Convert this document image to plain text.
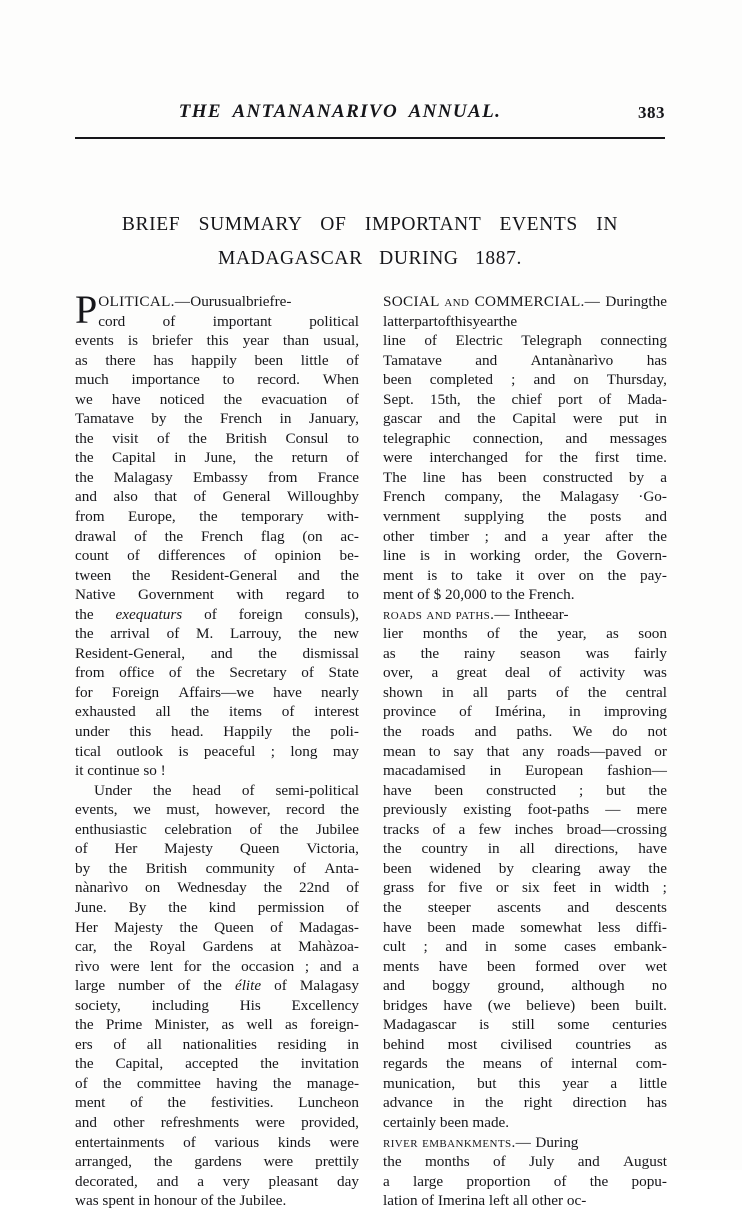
THE ANTANANARIVO ANNUAL.	383
BRIEF SUMMARY OF IMPORTANT EVENTS IN
MADAGASCAR DURING 1887.
P OLITICAL.—Ourusualbriefre-
cord of important political
events is briefer this year than usual,
as there has happily been little of
much importance to record. When
we have noticed the evacuation of
Tamatave by the French in January,
the visit of the British Consul to
the Capital in June, the return of
the Malagasy Embassy from France
and also that of General Willoughby
from Europe, the temporary with-
drawal of the French flag (on ac-
count of differences of opinion be-
tween the Resident-General and the
Native Government with regard to
the exequaturs of foreign consuls),
the arrival of M. Larrouy, the new
Resident-General, and the dismissal
from office of the Secretary of State
for Foreign Affairs—we have nearly
exhausted all the items of interest
under this head. Happily the poli-
tical outlook is peaceful ; long may
it continue so !
Under	the	head	of	semi-political
events, we must, however, record the
enthusiastic celebration of the Jubilee
of Her Majesty Queen Victoria,
by the British community of Anta-
nànarìvo on Wednesday the 22nd of
June. By the kind permission of
Her Majesty the Queen of Madagas-
car, the Royal Gardens at Mahàzoa-
rìvo were lent for the occasion ; and a
large number of the élite of Malagasy
society, including His Excellency
the Prime Minister, as well as foreign-
ers of all nationalities residing in
the Capital, accepted the invitation
of the committee having the manage-
ment of the festivities. Luncheon
and other refreshments were provided,
entertainments of various kinds were
arranged, the gardens were prettily
decorated, and a very pleasant day
was spent in honour of the Jubilee.
SOCIAL and COMMERCIAL.— Duringthelatterpartofthisyearthe
line of Electric Telegraph connecting
Tamatave and Antanànarìvo has
been completed ; and on Thursday,
Sept. 15th, the chief port of Mada-
gascar and the Capital were put in
telegraphic connection, and messages
were interchanged for the first time.
The line has been constructed by a
French company, the Malagasy ·Go-
vernment supplying the posts and
other timber ; and a year after the
line is in working order, the Govern-
ment is to take it over on the pay-
ment of $ 20,000 to the French.
roads and paths.— Intheear-
lier months of the year, as soon
as the rainy season was fairly
over, a great deal of activity was
shown in all parts of the central
province of Imérina, in improving
the roads and paths. We do not
mean to say that any roads—paved or
macadamised in European fashion—
have been constructed ; but the
previously existing foot-paths — mere
tracks of a few inches broad—crossing
the country in all directions, have
been widened by clearing away the
grass for five or six feet in width ;
the steeper ascents and descents
have been made somewhat less diffi-
cult ; and in some cases embank-
ments have been formed over wet
and boggy ground, although no
bridges have (we believe) been built.
Madagascar is still some centuries
behind most civilised countries as
regards the means of internal com-
munication, but this year a little
advance in the right direction has
certainly been made.
river embankments.— During
the months of July and August
a large proportion of the popu-
lation of Imerina left all other oc-
